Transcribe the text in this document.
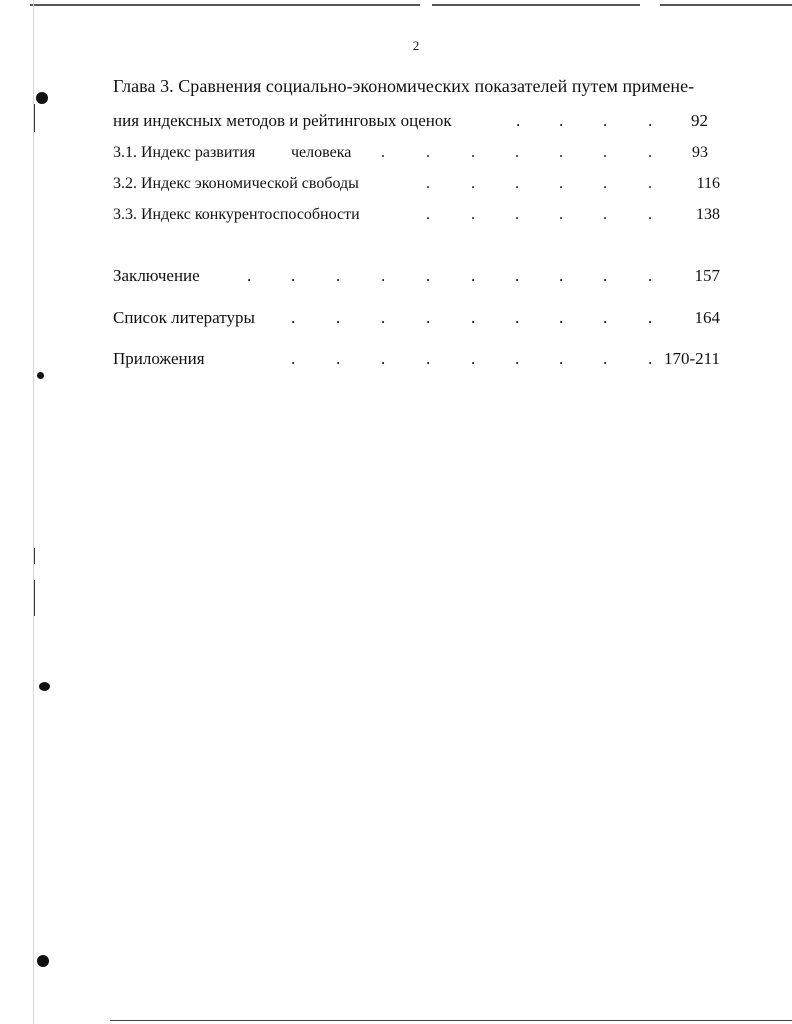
2
Глава 3. Сравнения социально-экономических показателей путем примене-
ния индексных методов и рейтинговых оценок	. . . . 92
3.1. Индекс развития человека .	.	.	.	.	.	.	93
3.2. Индекс экономической свободы	.	.	.	.	.	.	116
3.3. Индекс конкурентоспособности	.	.	.	.	.	.	138
Заключение	. . . . . . . . . . 157
Список литературы . . . . . . . . . 164
Приложения	. . . . . . . . . 170-211
